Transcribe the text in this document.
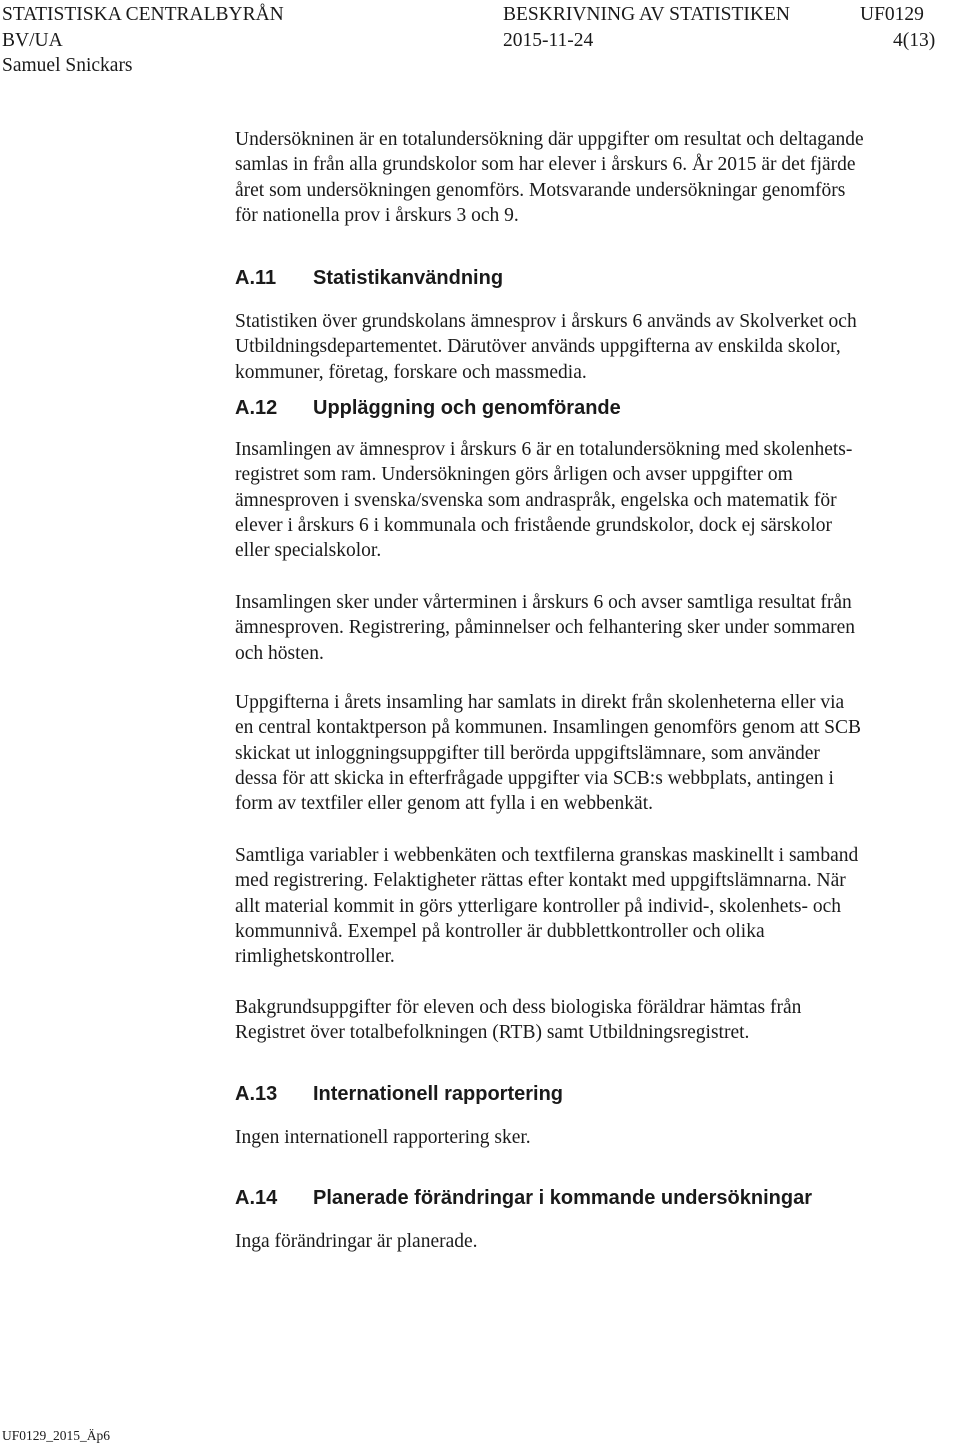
STATISTISKA CENTRALBYRÅN	BESKRIVNING AV STATISTIKEN	UF0129
BV/UA	2015-11-24	4(13)
Samuel Snickars
Undersökninen är en totalundersökning där uppgifter om resultat och deltagande
samlas in från alla grundskolor som har elever i årskurs 6. År 2015 är det fjärde
året som undersökningen genomförs. Motsvarande undersökningar genomförs
för nationella prov i årskurs 3 och 9.
A.11 Statistikanvändning
Statistiken över grundskolans ämnesprov i årskurs 6 används av Skolverket och
Utbildningsdepartementet. Därutöver används uppgifterna av enskilda skolor,
kommuner, företag, forskare och massmedia.
A.12 Uppläggning och genomförande
Insamlingen av ämnesprov i årskurs 6 är en totalundersökning med skolenhets-
registret som ram. Undersökningen görs årligen och avser uppgifter om
ämnesproven i svenska/svenska som andraspråk, engelska och matematik för
elever i årskurs 6 i kommunala och fristående grundskolor, dock ej särskolor
eller specialskolor.
Insamlingen sker under vårterminen i årskurs 6 och avser samtliga resultat från
ämnesproven. Registrering, påminnelser och felhantering sker under sommaren
och hösten.
Uppgifterna i årets insamling har samlats in direkt från skolenheterna eller via
en central kontaktperson på kommunen. Insamlingen genomförs genom att SCB
skickat ut inloggningsuppgifter till berörda uppgiftslämnare, som använder
dessa för att skicka in efterfrågade uppgifter via SCB:s webbplats, antingen i
form av textfiler eller genom att fylla i en webbenkät.
Samtliga variabler i webbenkäten och textfilerna granskas maskinellt i samband
med registrering. Felaktigheter rättas efter kontakt med uppgiftslämnarna. När
allt material kommit in görs ytterligare kontroller på individ-, skolenhets- och
kommunnivå. Exempel på kontroller är dubblettkontroller och olika
rimlighetskontroller.
Bakgrundsuppgifter för eleven och dess biologiska föräldrar hämtas från
Registret över totalbefolkningen (RTB) samt Utbildningsregistret.
A.13 Internationell rapportering
Ingen internationell rapportering sker.
A.14 Planerade förändringar i kommande undersökningar
Inga förändringar är planerade.
UF0129_2015_Äp6
